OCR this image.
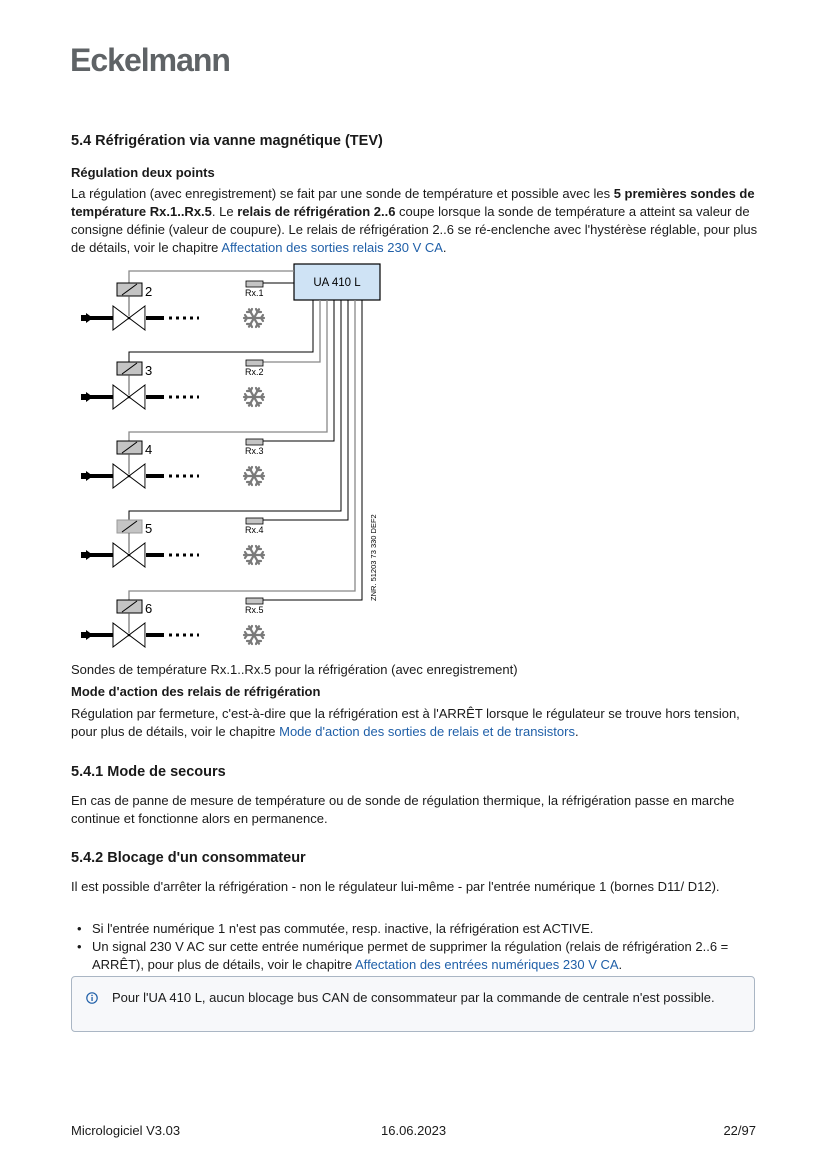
Eckelmann
5.4 Réfrigération via vanne magnétique (TEV)
Régulation deux points
La régulation (avec enregistrement) se fait par une sonde de température et possible avec les 5 premières sondes de température Rx.1..Rx.5. Le relais de réfrigération 2..6 coupe lorsque la sonde de température a atteint sa valeur de consigne définie (valeur de coupure). Le relais de réfrigération 2..6 se ré-enclenche avec l'hystérèse réglable, pour plus de détails, voir le chapitre Affectation des sorties relais 230 V CA.
UA 410 L
2
3
4
5
6
Rx.1
Rx.2
Rx.3
Rx.4
Rx.5
ZNR. 51203 73 330 DEF2
Sondes de température Rx.1..Rx.5 pour la réfrigération (avec enregistrement)
Mode d'action des relais de réfrigération
Régulation par fermeture, c'est-à-dire que la réfrigération est à l'ARRÊT lorsque le régulateur se trouve hors tension, pour plus de détails, voir le chapitre Mode d'action des sorties de relais et de transistors.
5.4.1 Mode de secours
En cas de panne de mesure de température ou de sonde de régulation thermique, la réfrigération passe en marche continue et fonctionne alors en permanence.
5.4.2 Blocage d'un consommateur
Il est possible d'arrêter la réfrigération - non le régulateur lui-même - par l'entrée numérique 1 (bornes D11/ D12).
• Si l'entrée numérique 1 n'est pas commutée, resp. inactive, la réfrigération est ACTIVE.
• Un signal 230 V AC sur cette entrée numérique permet de supprimer la régulation (relais de réfrigération 2..6 = ARRÊT), pour plus de détails, voir le chapitre Affectation des entrées numériques 230 V CA.
Pour l'UA 410 L, aucun blocage bus CAN de consommateur par la commande de centrale n'est possible.
Micrologiciel V3.03	16.06.2023	22/97
